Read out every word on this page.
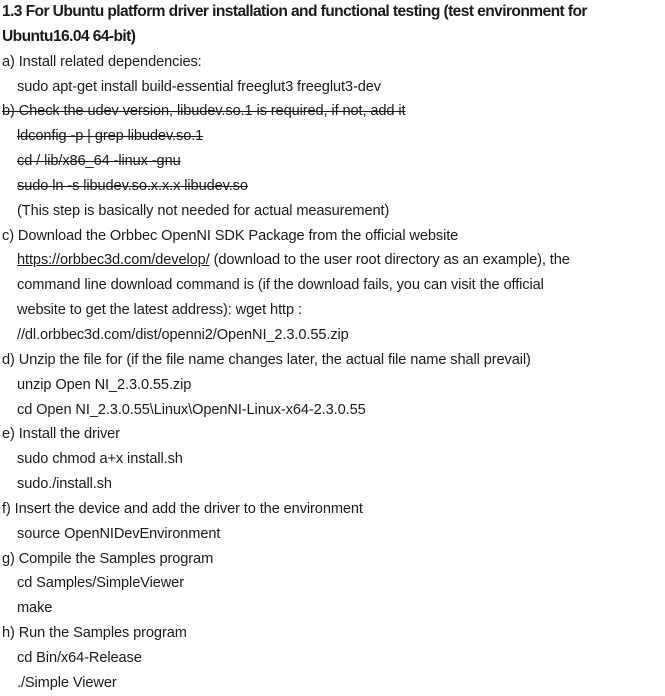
1.3 For Ubuntu platform driver installation and functional testing (test environment for
Ubuntu16.04 64-bit)
a) Install related dependencies:
sudo apt-get install build-essential freeglut3 freeglut3-dev
b) Check the udev version, libudev.so.1 is required, if not, add it
ldconfig -p | grep libudev.so.1
cd / lib/x86_64 -linux -gnu
sudo ln -s libudev.so.x.x.x libudev.so
(This step is basically not needed for actual measurement)
c) Download the Orbbec OpenNI SDK Package from the official website
https://orbbec3d.com/develop/ (download to the user root directory as an example), the
command line download command is (if the download fails, you can visit the official
website to get the latest address): wget http :
//dl.orbbec3d.com/dist/openni2/OpenNI_2.3.0.55.zip
d) Unzip the file for (if the file name changes later, the actual file name shall prevail)
unzip Open NI_2.3.0.55.zip
cd Open NI_2.3.0.55\Linux\OpenNI-Linux-x64-2.3.0.55
e) Install the driver
sudo chmod a+x install.sh
sudo./install.sh
f) Insert the device and add the driver to the environment
source OpenNIDevEnvironment
g) Compile the Samples program
cd Samples/SimpleViewer
make
h) Run the Samples program
cd Bin/x64-Release
./Simple Viewer
